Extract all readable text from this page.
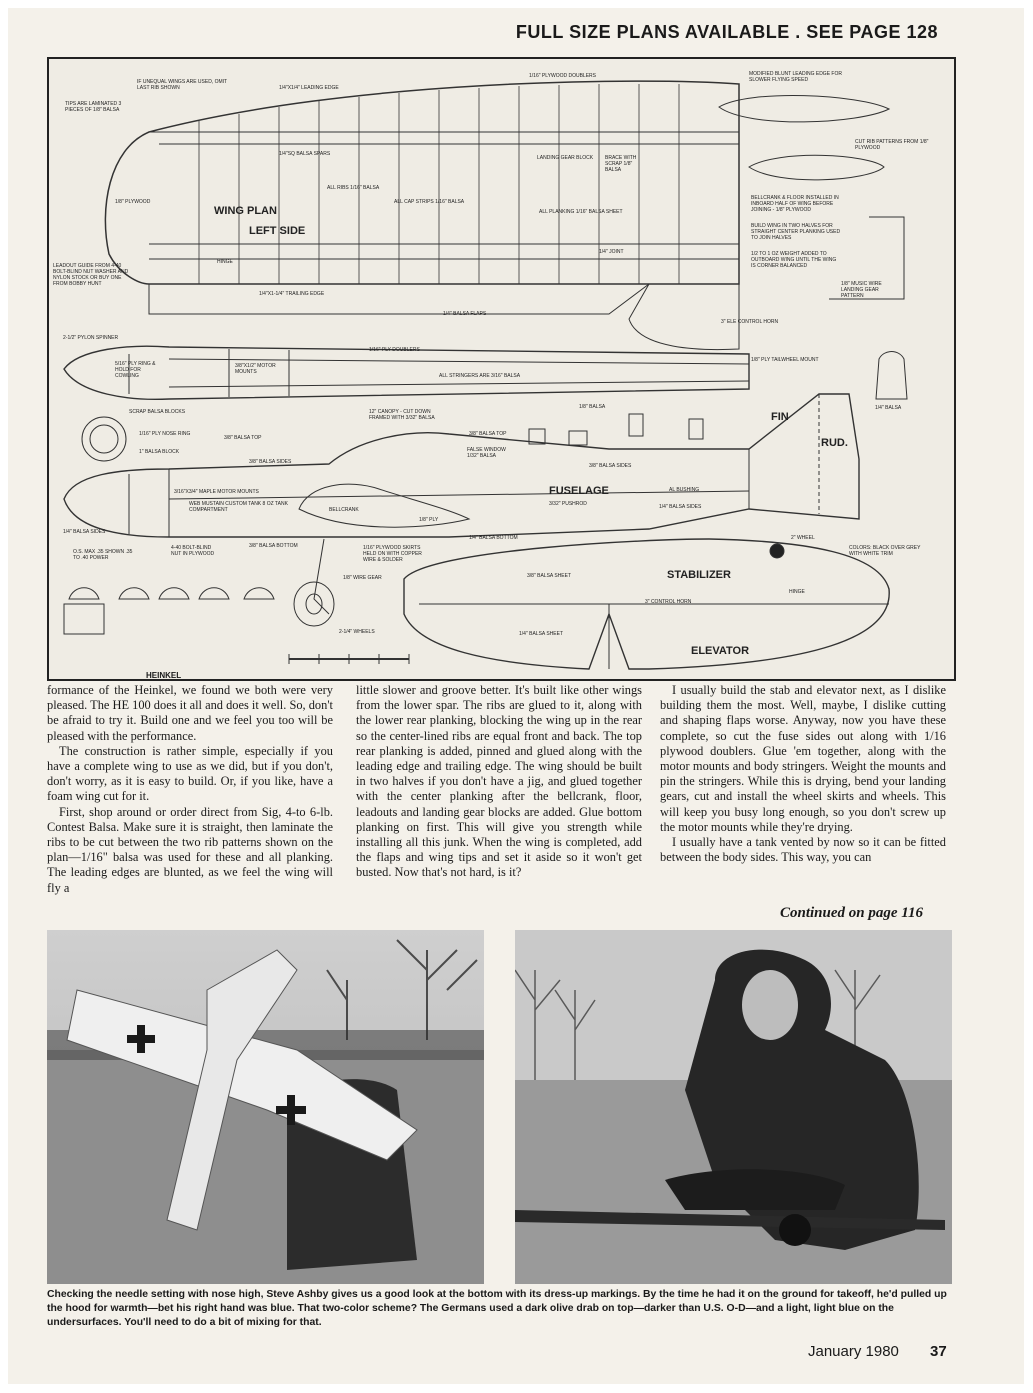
FULL SIZE PLANS AVAILABLE . SEE PAGE 128
WING PLAN
LEFT SIDE
FIN
RUD.
FUSELAGE
STABILIZER
ELEVATOR
IF UNEQUAL WINGS ARE USED, OMIT LAST RIB SHOWN	1/4"X1/4" LEADING EDGE
1/16" PLYWOOD DOUBLERS	MODIFIED BLUNT LEADING EDGE FOR SLOWER FLYING SPEED
TIPS ARE LAMINATED 3 PIECES OF 1/8" BALSA
1/4"SQ BALSA SPARS
LANDING GEAR BLOCK	BRACE WITH SCRAP 1/8" BALSA
CUT RIB PATTERNS FROM 1/8" PLYWOOD
1/8" PLYWOOD
ALL RIBS 1/16" BALSA
ALL CAP STRIPS 1/16" BALSA
ALL PLANKING 1/16" BALSA SHEET
BELLCRANK & FLOOR INSTALLED IN INBOARD HALF OF WING BEFORE JOINING - 1/8" PLYWOOD
BUILD WING IN TWO HALVES FOR STRAIGHT CENTER PLANKING USED TO JOIN HALVES
LEADOUT GUIDE FROM 4-40 BOLT-BLIND NUT WASHER AND NYLON STOCK OR BUY ONE FROM BOBBY HUNT
HINGE
1/4"X1-1/4" TRAILING EDGE
1/4" JOINT	1/2 TO 1 OZ WEIGHT ADDED TO OUTBOARD WING UNTIL THE WING IS CORNER BALANCED
1/8" MUSIC WIRE LANDING GEAR PATTERN
1/4" BALSA FLAPS
3" ELE CONTROL HORN
2-1/2" PYLON SPINNER
1/16" PLY DOUBLERS
1/8" PLY TAILWHEEL MOUNT
5/16" PLY RING & HOLD FOR COWLING
3/8"X1/2" MOTOR MOUNTS
ALL STRINGERS ARE 3/16" BALSA
1/8" BALSA
SCRAP BALSA BLOCKS	12" CANOPY - CUT DOWN FRAMED WITH 3/32" BALSA
1/16" PLY NOSE RING
3/8" BALSA TOP
3/8" BALSA TOP
1" BALSA BLOCK
3/8" BALSA SIDES
FALSE WINDOW 1/32" BALSA
3/8" BALSA SIDES
3/16"X3/4" MAPLE MOTOR MOUNTS
WEB MUSTAIN CUSTOM TANK 8 OZ TANK COMPARTMENT	BELLCRANK
3/32" PUSHROD
AL BUSHING
1/8" PLY
1/4" BALSA SIDES
1/4" BALSA SIDES
1/4" BALSA BOTTOM
O.S. MAX .35 SHOWN .35 TO .40 POWER
4-40 BOLT-BLIND NUT IN PLYWOOD
3/8" BALSA BOTTOM	1/16" PLYWOOD SKIRTS HELD ON WITH COPPER WIRE & SOLDER
1/8" WIRE GEAR
2-1/4" WHEELS
3/8" BALSA SHEET
3" CONTROL HORN
1/4" BALSA SHEET
2" WHEEL
COLORS: BLACK OVER GREY WITH WHITE TRIM
1/4" BALSA
HINGE
HEINKEL

formance of the Heinkel, we found we both were very pleased. The HE 100 does it all and does it well. So, don't be afraid to try it. Build one and we feel you too will be pleased with the performance.

The construction is rather simple, especially if you have a complete wing to use as we did, but if you don't, don't worry, as it is easy to build. Or, if you like, have a foam wing cut for it.

First, shop around or order direct from Sig, 4-to 6-lb. Contest Balsa. Make sure it is straight, then laminate the ribs to be cut between the two rib patterns shown on the plan—1/16" balsa was used for these and all planking. The leading edges are blunted, as we feel the wing will fly a

little slower and groove better. It's built like other wings from the lower spar. The ribs are glued to it, along with the lower rear planking, blocking the wing up in the rear so the center-lined ribs are equal front and back. The top rear planking is added, pinned and glued along with the leading edge and trailing edge. The wing should be built in two halves if you don't have a jig, and glued together with the center planking after the bellcrank, floor, leadouts and landing gear blocks are added. Glue bottom planking on first. This will give you strength while installing all this junk. When the wing is completed, add the flaps and wing tips and set it aside so it won't get busted. Now that's not hard, is it?

I usually build the stab and elevator next, as I dislike building them the most. Well, maybe, I dislike cutting and shaping flaps worse. Anyway, now you have these complete, so cut the fuse sides out along with 1/16 plywood doublers. Glue 'em together, along with the motor mounts and body stringers. Weight the mounts and pin the stringers. While this is drying, bend your landing gears, cut and install the wheel skirts and wheels. This will keep you busy long enough, so you don't screw up the motor mounts while they're drying.

I usually have a tank vented by now so it can be fitted between the body sides. This way, you can

Continued on page 116
Checking the needle setting with nose high, Steve Ashby gives us a good look at the bottom with its dress-up markings. By the time he had it on the ground for takeoff, he'd pulled up the hood for warmth—bet his right hand was blue. That two-color scheme? The Germans used a dark olive drab on top—darker than U.S. O-D—and a light, light blue on the undersurfaces. You'll need to do a bit of mixing for that.
January 1980 37
